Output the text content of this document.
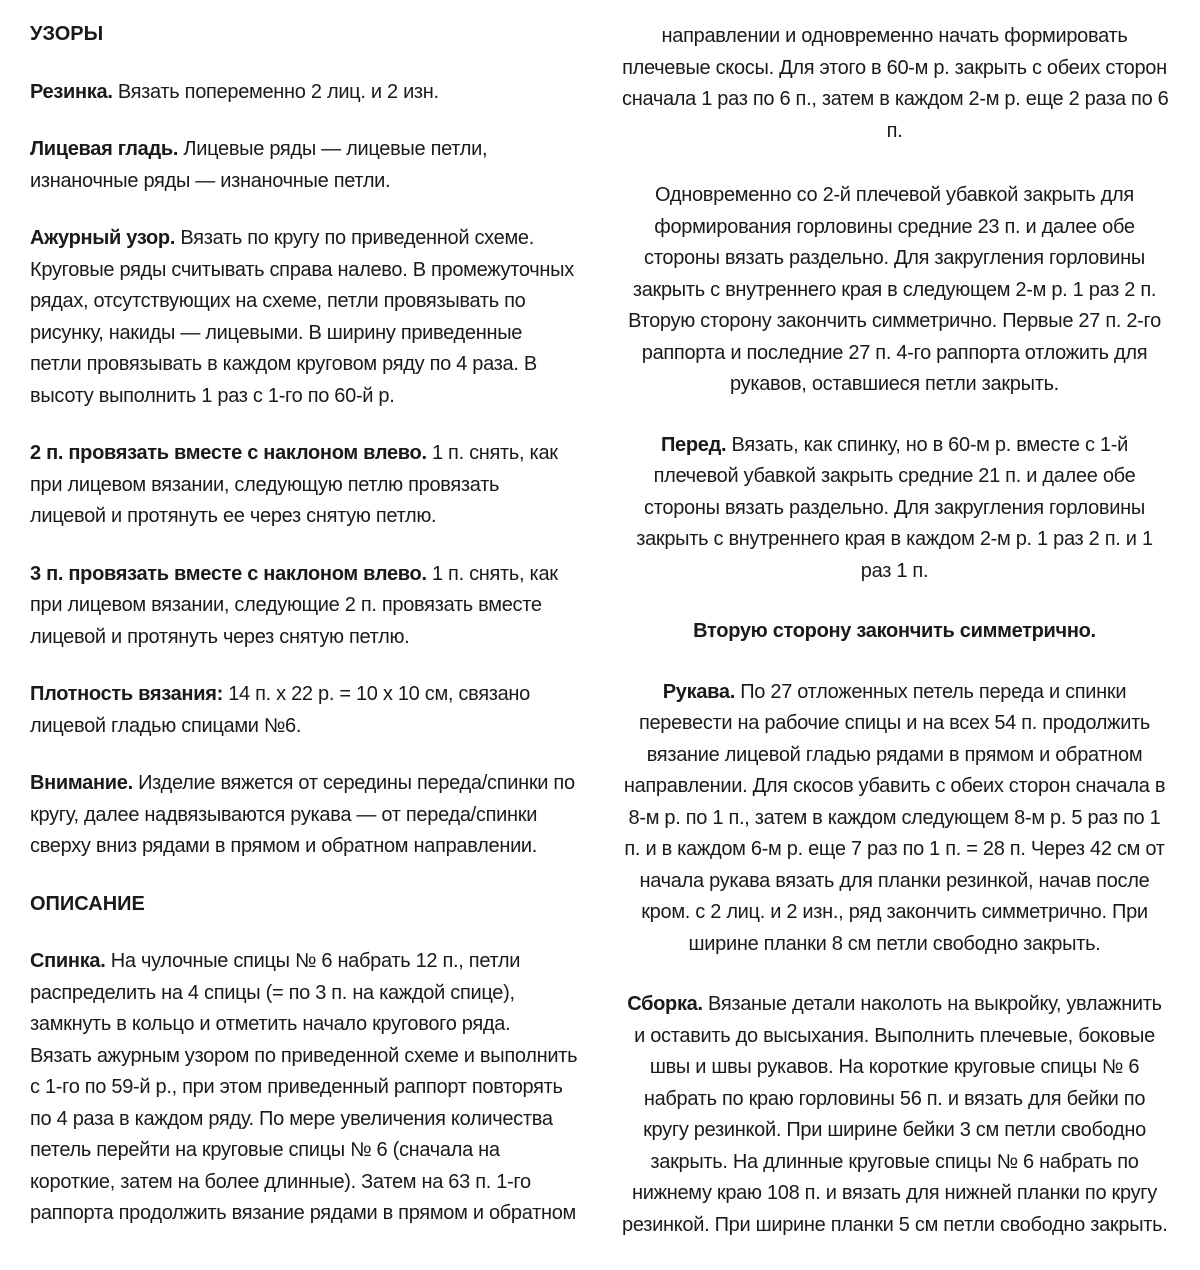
УЗОРЫ
Резинка. Вязать попеременно 2 лиц. и 2 изн.
Лицевая гладь. Лицевые ряды — лицевые петли,
изнаночные ряды — изнаночные петли.
Ажурный узор. Вязать по кругу по приведенной схеме.
Круговые ряды считывать справа налево. В промежуточных
рядах, отсутствующих на схеме, петли провязывать по
рисунку, накиды — лицевыми. В ширину приведенные
петли провязывать в каждом круговом ряду по 4 раза. В
высоту выполнить 1 раз с 1-го по 60-й р.
2 п. провязать вместе с наклоном влево. 1 п. снять, как
при лицевом вязании, следующую петлю провязать
лицевой и протянуть ее через снятую петлю.
3 п. провязать вместе с наклоном влево. 1 п. снять, как
при лицевом вязании, следующие 2 п. провязать вместе
лицевой и протянуть через снятую петлю.
Плотность вязания: 14 п. х 22 р. = 10 х 10 см, связано
лицевой гладью спицами №6.
Внимание. Изделие вяжется от середины переда/спинки по
кругу, далее надвязываются рукава — от переда/спинки
сверху вниз рядами в прямом и обратном направлении.
ОПИСАНИЕ
Спинка. На чулочные спицы № 6 набрать 12 п., петли
распределить на 4 спицы (= по 3 п. на каждой спице),
замкнуть в кольцо и отметить начало кругового ряда.
Вязать ажурным узором по приведенной схеме и выполнить
с 1-го по 59-й р., при этом приведенный раппорт повторять
по 4 раза в каждом ряду. По мере увеличения количества
петель перейти на круговые спицы № 6 (сначала на
короткие, затем на более длинные). Затем на 63 п. 1-го
раппорта продолжить вязание рядами в прямом и обратном
направлении и одновременно начать формировать
плечевые скосы. Для этого в 60-м р. закрыть с обеих сторон
сначала 1 раз по 6 п., затем в каждом 2-м р. еще 2 раза по 6
п.
Одновременно со 2-й плечевой убавкой закрыть для
формирования горловины средние 23 п. и далее обе
стороны вязать раздельно. Для закругления горловины
закрыть с внутреннего края в следующем 2-м р. 1 раз 2 п.
Вторую сторону закончить симметрично. Первые 27 п. 2-го
раппорта и последние 27 п. 4-го раппорта отложить для
рукавов, оставшиеся петли закрыть.
Перед. Вязать, как спинку, но в 60-м р. вместе с 1-й
плечевой убавкой закрыть средние 21 п. и далее обе
стороны вязать раздельно. Для закругления горловины
закрыть с внутреннего края в каждом 2-м р. 1 раз 2 п. и 1
раз 1 п.
Вторую сторону закончить симметрично.
Рукава. По 27 отложенных петель переда и спинки
перевести на рабочие спицы и на всех 54 п. продолжить
вязание лицевой гладью рядами в прямом и обратном
направлении. Для скосов убавить с обеих сторон сначала в
8-м р. по 1 п., затем в каждом следующем 8-м р. 5 раз по 1
п. и в каждом 6-м р. еще 7 раз по 1 п. = 28 п. Через 42 см от
начала рукава вязать для планки резинкой, начав после
кром. с 2 лиц. и 2 изн., ряд закончить симметрично. При
ширине планки 8 см петли свободно закрыть.
Сборка. Вязаные детали наколоть на выкройку, увлажнить
и оставить до высыхания. Выполнить плечевые, боковые
швы и швы рукавов. На короткие круговые спицы № 6
набрать по краю горловины 56 п. и вязать для бейки по
кругу резинкой. При ширине бейки 3 см петли свободно
закрыть. На длинные круговые спицы № 6 набрать по
нижнему краю 108 п. и вязать для нижней планки по кругу
резинкой. При ширине планки 5 см петли свободно закрыть.
